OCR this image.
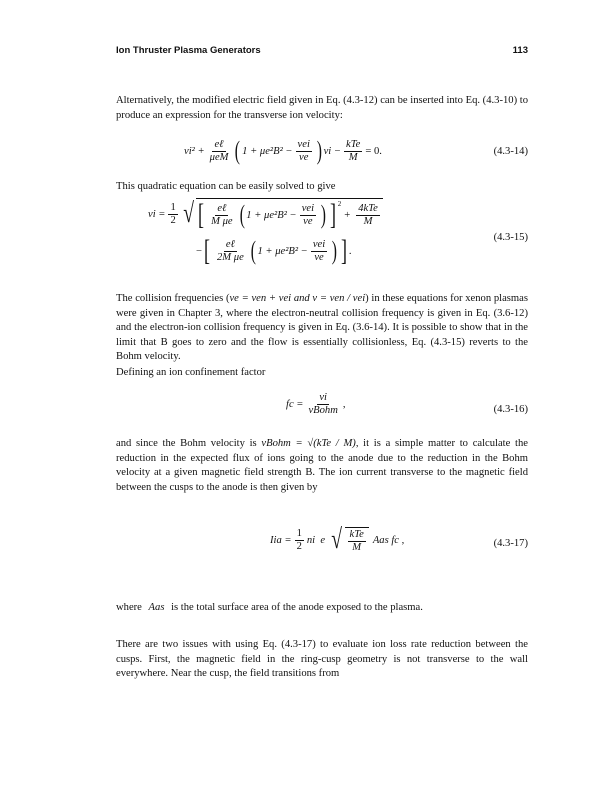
Ion Thruster Plasma Generators	113
Alternatively, the modified electric field given in Eq. (4.3-12) can be inserted into Eq. (4.3-10) to produce an expression for the transverse ion velocity:
$vi^2 + \frac{\text{eℓ}}{\text{μeM}}$ ( $1 + \mu e^2B^2 - \frac{\text{νei}}{\nu e}$ ) vi − $\frac{\text{kTe}}{M} = 0$.	(4.3-14)
This quadratic equation can be easily solved to give
vi = $\frac{1}{2}$ √ [ $\frac{\text{eℓ}}{\text{M μe}}$ ( $1 + \mu e^2B^2 - \frac{\text{νei}}{\nu e}$ ) ] $^2$
+ $\frac{\text{4kTe}}{M}$
− [ $\frac{\text{eℓ}}{\text{2M μe}}$ ( $1 + \mu e^2B^2 - \frac{\text{νei}}{\nu e}$ ) ] .
(4.3-15)
The collision frequencies (νe = νen + νei and ν = νen / νei) in these equations for xenon plasmas were given in Chapter 3, where the electron-neutral collision frequency is given in Eq. (3.6-12) and the electron-ion collision frequency is given in Eq. (3.6-14). It is possible to show that in the limit that B goes to zero and the flow is essentially collisionless, Eq. (4.3-15) reverts to the Bohm velocity.
Defining an ion confinement factor
fc = $\frac{vi}{\text{vBohm}}$ ,	(4.3-16)
and since the Bohm velocity is vBohm = √(kTe / M), it is a simple matter to calculate the reduction in the expected flux of ions going to the anode due to the reduction in the Bohm velocity at a given magnetic field strength B. The ion current transverse to the magnetic field between the cusps to the anode is then given by
Iia = $\frac{1}{2}$ ni  e √ $\frac{\text{kTe}}{M}$ Aas fc ,	(4.3-17)
where Aas is the total surface area of the anode exposed to the plasma.
There are two issues with using Eq. (4.3-17) to evaluate ion loss rate reduction between the cusps. First, the magnetic field in the ring-cusp geometry is not transverse to the wall everywhere. Near the cusp, the field transitions from
